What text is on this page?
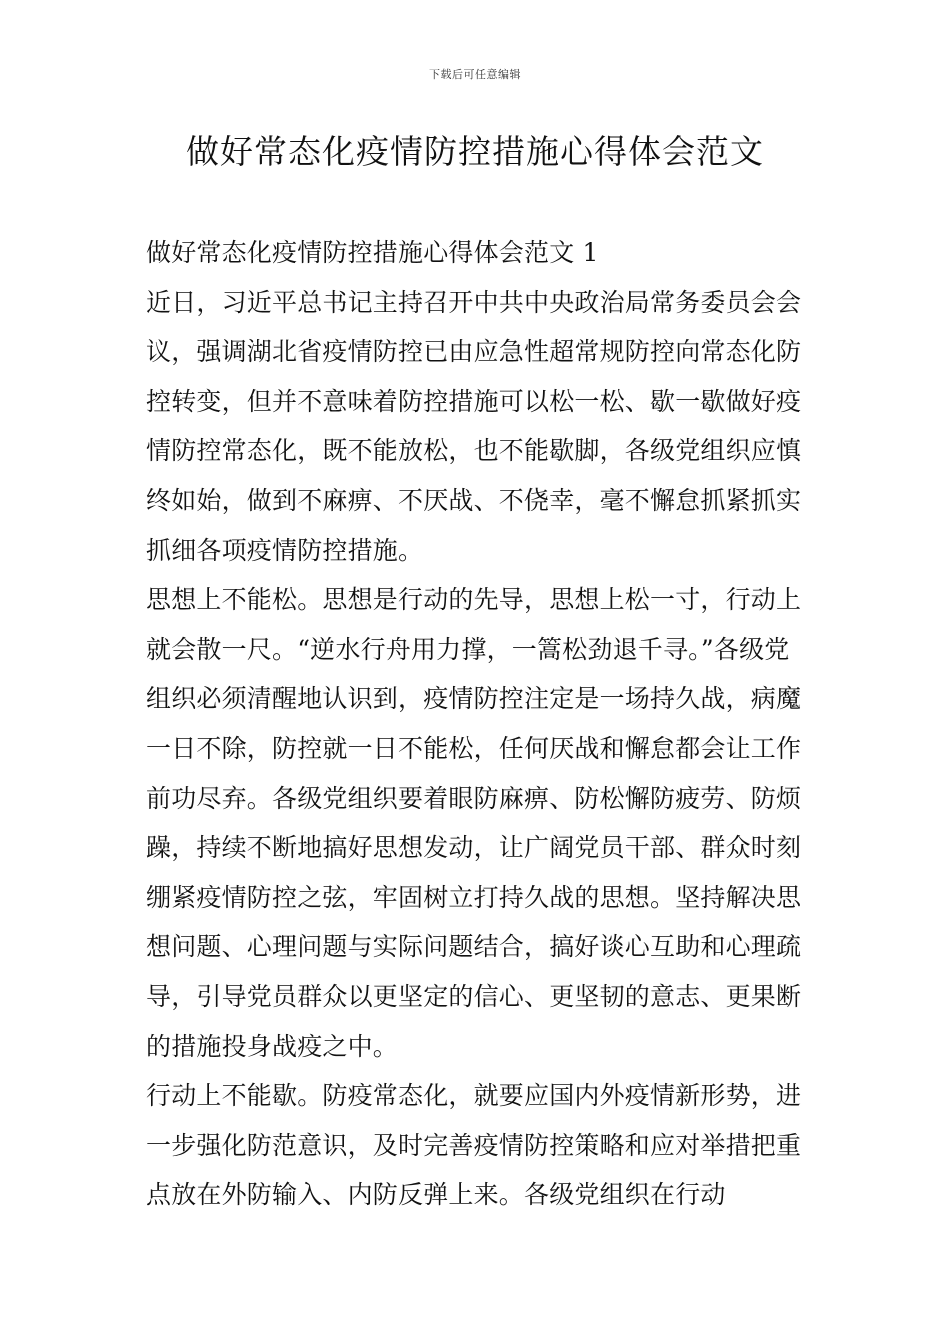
下载后可任意编辑
做好常态化疫情防控措施心得体会范文

做好常态化疫情防控措施心得体会范文 1

近日，习近平总书记主持召开中共中央政治局常务委员会会议，强调湖北省疫情防控已由应急性超常规防控向常态化防控转变，但并不意味着防控措施可以松一松、歇一歇做好疫情防控常态化，既不能放松，也不能歇脚，各级党组织应慎终如始，做到不麻痹、不厌战、不侥幸，毫不懈怠抓紧抓实抓细各项疫情防控措施。

思想上不能松。思想是行动的先导，思想上松一寸，行动上就会散一尺。“逆水行舟用力撑，一篙松劲退千寻。”各级党组织必须清醒地认识到，疫情防控注定是一场持久战，病魔一日不除，防控就一日不能松，任何厌战和懈怠都会让工作前功尽弃。各级党组织要着眼防麻痹、防松懈防疲劳、防烦躁，持续不断地搞好思想发动，让广阔党员干部、群众时刻绷紧疫情防控之弦，牢固树立打持久战的思想。坚持解决思想问题、心理问题与实际问题结合，搞好谈心互助和心理疏导，引导党员群众以更坚定的信心、更坚韧的意志、更果断的措施投身战疫之中。

行动上不能歇。防疫常态化，就要应国内外疫情新形势，进一步强化防范意识，及时完善疫情防控策略和应对举措把重点放在外防输入、内防反弹上来。各级党组织在行动
